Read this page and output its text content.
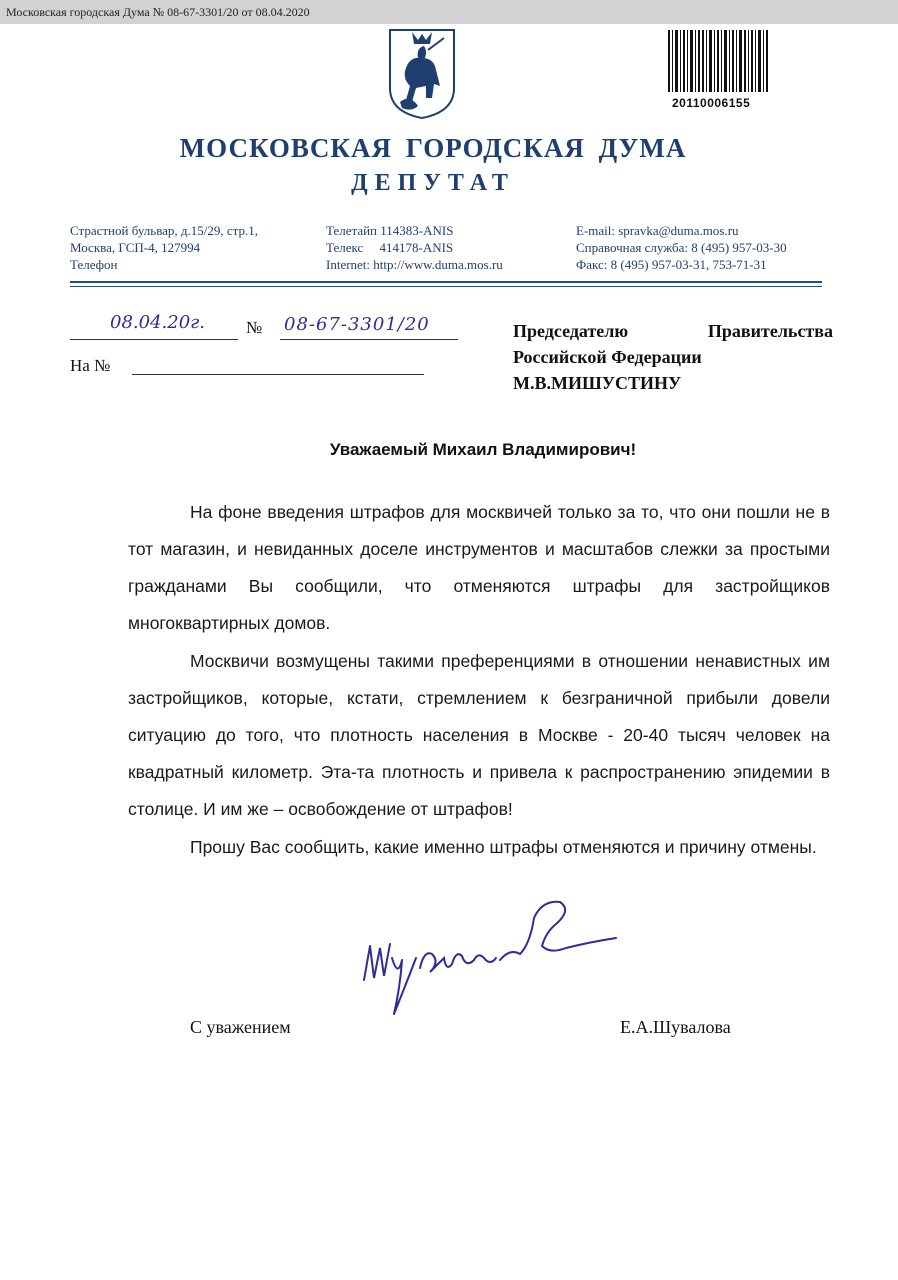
Московская городская Дума № 08-67-3301/20 от 08.04.2020
20110006155
МОСКОВСКАЯ ГОРОДСКАЯ ДУМА
ДЕПУТАТ
Страстной бульвар, д.15/29, стр.1,
Москва, ГСП-4, 127994
Телефон
Телетайп 114383-ANIS
Телекс     414178-ANIS
Internet: http://www.duma.mos.ru
E-mail: spravka@duma.mos.ru
Справочная служба: 8 (495) 957-03-30
Факс: 8 (495) 957-03-31, 753-71-31
08.04.20г. № 08-67-3301/20
На №
Председателю	Правительства
Российской Федерации
М.В.МИШУСТИНУ
Уважаемый Михаил Владимирович!

На фоне введения штрафов для москвичей только за то, что они пошли не в тот магазин, и невиданных доселе инструментов и масштабов слежки за простыми гражданами Вы сообщили, что отменяются штрафы для застройщиков многоквартирных домов.

Москвичи возмущены такими преференциями в отношении ненавистных им застройщиков, которые, кстати, стремлением к безграничной прибыли довели ситуацию до того, что плотность населения в Москве - 20-40 тысяч человек на квадратный километр. Эта-та плотность и привела к распространению эпидемии в столице. И им же – освобождение от штрафов!

Прошу Вас сообщить, какие именно штрафы отменяются и причину отмены.

С уважением	Е.А.Шувалова
